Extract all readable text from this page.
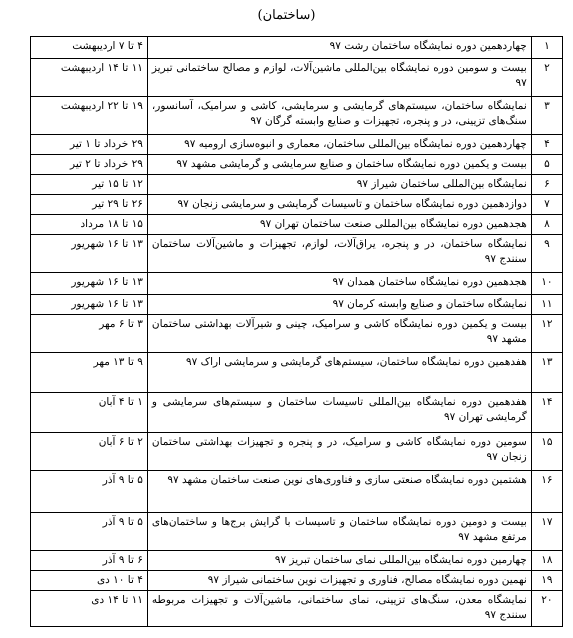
(ساختمان)
۱	چهاردهمین دوره نمایشگاه ساختمان رشت ۹۷	۴ تا ۷ اردیبهشت
۲	بیست و سومین دوره نمایشگاه بین‌المللی ماشین‌آلات، لوازم و مصالح ساختمانی تبریز ۹۷	۱۱ تا ۱۴ اردیبهشت
۳	نمایشگاه ساختمان، سیستم‌های گرمایشی و سرمایشی، کاشی و سرامیک، آسانسور، سنگ‌های تزیینی، در و پنجره، تجهیزات و صنایع وابسته گرگان ۹۷	۱۹ تا ۲۲ اردیبهشت
۴	چهاردهمین دوره نمایشگاه بین‌المللی ساختمان، معماری و انبوه‌سازی ارومیه ۹۷	۲۹ خرداد تا ۱ تیر
۵	بیست و یکمین دوره نمایشگاه ساختمان و صنایع سرمایشی و گرمایشی مشهد ۹۷	۲۹ خرداد تا ۲ تیر
۶	نمایشگاه بین‌المللی ساختمان شیراز ۹۷	۱۲ تا ۱۵ تیر
۷	دوازدهمین دوره نمایشگاه ساختمان و تاسیسات گرمایشی و سرمایشی زنجان ۹۷	۲۶ تا ۲۹ تیر
۸	هجدهمین دوره نمایشگاه بین‌المللی صنعت ساختمان تهران ۹۷	۱۵ تا ۱۸ مرداد
۹	نمایشگاه ساختمان، در و پنجره، یراق‌آلات، لوازم، تجهیزات و ماشین‌آلات ساختمان سنندج ۹۷	۱۳ تا ۱۶ شهریور
۱۰	هجدهمین دوره نمایشگاه ساختمان همدان ۹۷	۱۳ تا ۱۶ شهریور
۱۱	نمایشگاه ساختمان و صنایع وابسته کرمان ۹۷	۱۳ تا ۱۶ شهریور
۱۲	بیست و یکمین دوره نمایشگاه کاشی و سرامیک، چینی و شیرآلات بهداشتی ساختمان مشهد ۹۷	۳ تا ۶ مهر
۱۳	هفدهمین دوره نمایشگاه ساختمان، سیستم‌های گرمایشی و سرمایشی اراک ۹۷	۹ تا ۱۳ مهر
۱۴	هفدهمین دوره نمایشگاه بین‌المللی تاسیسات ساختمان و سیستم‌های سرمایشی و گرمایشی تهران ۹۷	۱ تا ۴ آبان
۱۵	سومین دوره نمایشگاه کاشی و سرامیک، در و پنجره و تجهیزات بهداشتی ساختمان زنجان ۹۷	۲ تا ۶ آبان
۱۶	هشتمین دوره نمایشگاه صنعتی سازی و فناوری‌های نوین صنعت ساختمان مشهد ۹۷	۵ تا ۹ آذر
۱۷	بیست و دومین دوره نمایشگاه ساختمان و تاسیسات با گرایش برج‌ها و ساختمان‌های مرتفع مشهد ۹۷	۵ تا ۹ آذر
۱۸	چهارمین دوره نمایشگاه بین‌المللی نمای ساختمان تبریز ۹۷	۶ تا ۹ آذر
۱۹	نهمین دوره نمایشگاه مصالح، فناوری و تجهیزات نوین ساختمانی شیراز ۹۷	۴ تا ۱۰ دی
۲۰	نمایشگاه معدن، سنگ‌های تزیینی، نمای ساختمانی، ماشین‌آلات و تجهیزات مربوطه سنندج ۹۷	۱۱ تا ۱۴ دی
